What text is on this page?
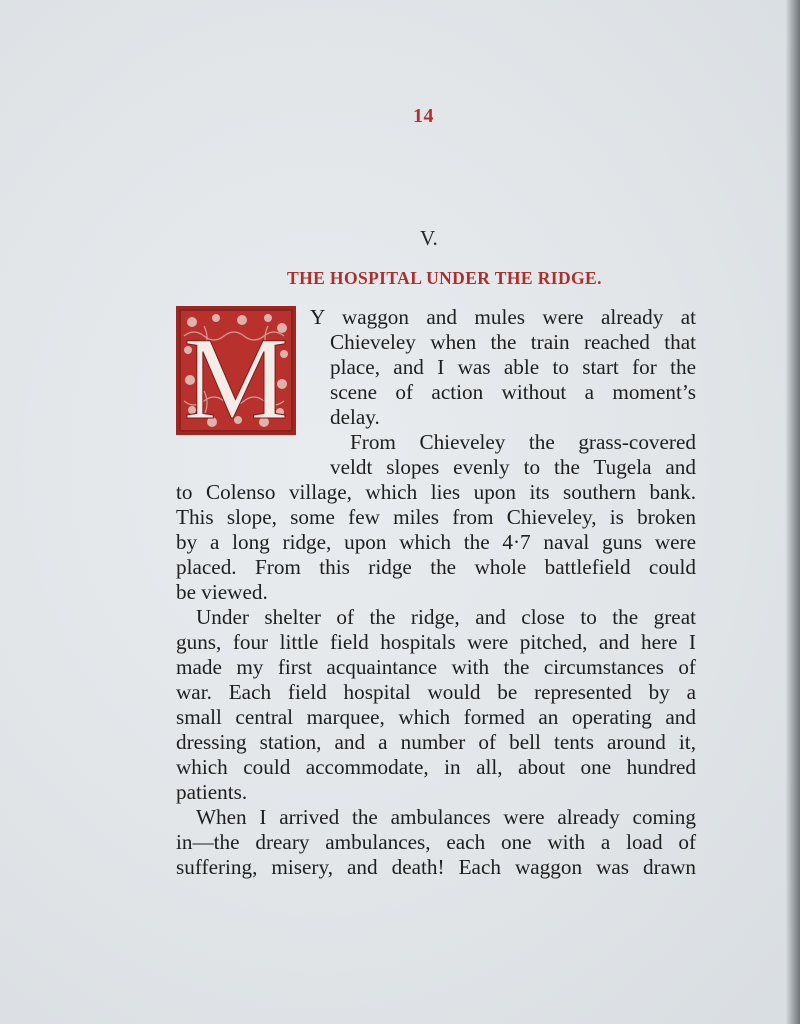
14
V.
THE HOSPITAL UNDER THE RIDGE.
M Y waggon and mules were already at
Chieveley when the train reached that
place, and I was able to start for the
scene of action without a moment’s
delay.
From Chieveley the grass-covered
veldt slopes evenly to the Tugela and
to Colenso village, which lies upon its southern bank.
This slope, some few miles from Chieveley, is broken
by a long ridge, upon which the 4·7 naval guns were
placed. From this ridge the whole battlefield could
be viewed.
Under shelter of the ridge, and close to the great
guns, four little field hospitals were pitched, and here I
made my first acquaintance with the circumstances of
war. Each field hospital would be represented by a
small central marquee, which formed an operating and
dressing station, and a number of bell tents around it,
which could accommodate, in all, about one hundred
patients.
When I arrived the ambulances were already coming
in—the dreary ambulances, each one with a load of
suffering, misery, and death! Each waggon was drawn
